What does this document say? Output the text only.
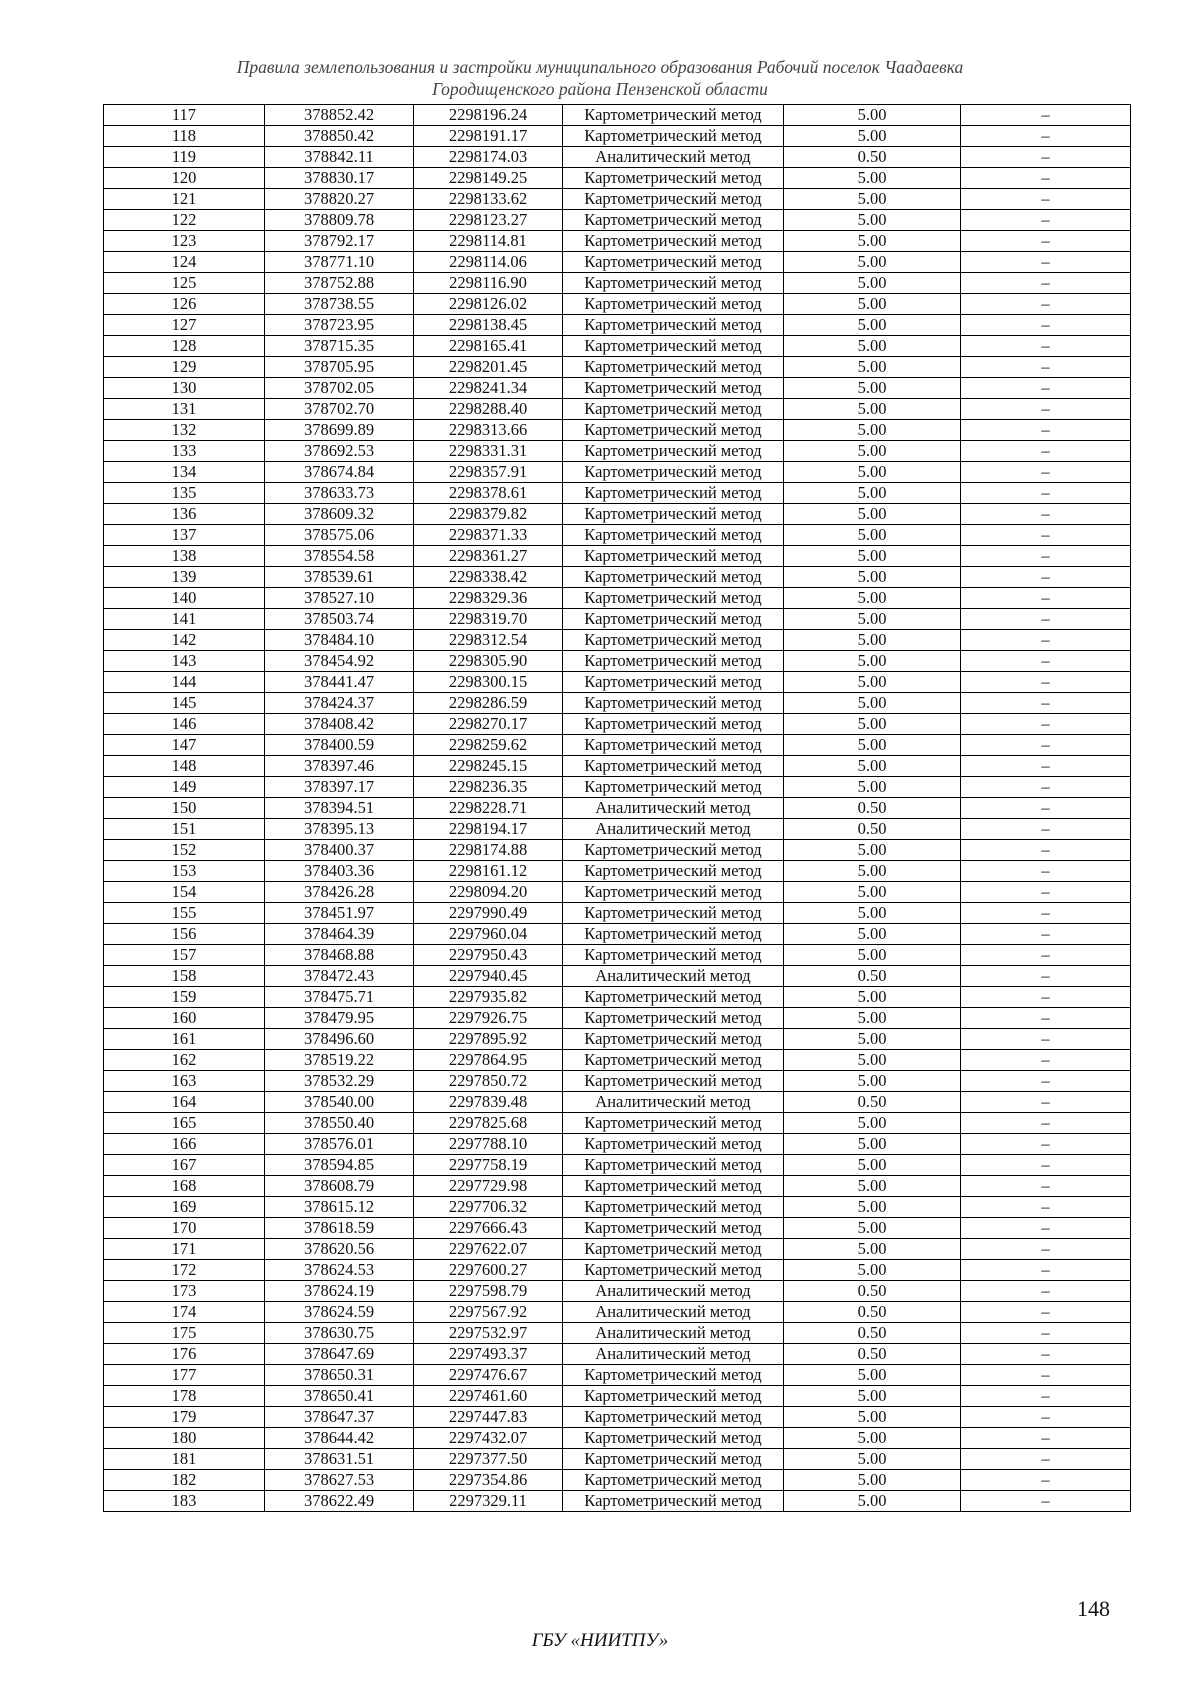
Правила землепользования и застройки муниципального образования Рабочий поселок Чаадаевка
Городищенского района Пензенской области
117	378852.42	2298196.24	Картометрический метод	5.00	–
118	378850.42	2298191.17	Картометрический метод	5.00	–
119	378842.11	2298174.03	Аналитический метод	0.50	–
120	378830.17	2298149.25	Картометрический метод	5.00	–
121	378820.27	2298133.62	Картометрический метод	5.00	–
122	378809.78	2298123.27	Картометрический метод	5.00	–
123	378792.17	2298114.81	Картометрический метод	5.00	–
124	378771.10	2298114.06	Картометрический метод	5.00	–
125	378752.88	2298116.90	Картометрический метод	5.00	–
126	378738.55	2298126.02	Картометрический метод	5.00	–
127	378723.95	2298138.45	Картометрический метод	5.00	–
128	378715.35	2298165.41	Картометрический метод	5.00	–
129	378705.95	2298201.45	Картометрический метод	5.00	–
130	378702.05	2298241.34	Картометрический метод	5.00	–
131	378702.70	2298288.40	Картометрический метод	5.00	–
132	378699.89	2298313.66	Картометрический метод	5.00	–
133	378692.53	2298331.31	Картометрический метод	5.00	–
134	378674.84	2298357.91	Картометрический метод	5.00	–
135	378633.73	2298378.61	Картометрический метод	5.00	–
136	378609.32	2298379.82	Картометрический метод	5.00	–
137	378575.06	2298371.33	Картометрический метод	5.00	–
138	378554.58	2298361.27	Картометрический метод	5.00	–
139	378539.61	2298338.42	Картометрический метод	5.00	–
140	378527.10	2298329.36	Картометрический метод	5.00	–
141	378503.74	2298319.70	Картометрический метод	5.00	–
142	378484.10	2298312.54	Картометрический метод	5.00	–
143	378454.92	2298305.90	Картометрический метод	5.00	–
144	378441.47	2298300.15	Картометрический метод	5.00	–
145	378424.37	2298286.59	Картометрический метод	5.00	–
146	378408.42	2298270.17	Картометрический метод	5.00	–
147	378400.59	2298259.62	Картометрический метод	5.00	–
148	378397.46	2298245.15	Картометрический метод	5.00	–
149	378397.17	2298236.35	Картометрический метод	5.00	–
150	378394.51	2298228.71	Аналитический метод	0.50	–
151	378395.13	2298194.17	Аналитический метод	0.50	–
152	378400.37	2298174.88	Картометрический метод	5.00	–
153	378403.36	2298161.12	Картометрический метод	5.00	–
154	378426.28	2298094.20	Картометрический метод	5.00	–
155	378451.97	2297990.49	Картометрический метод	5.00	–
156	378464.39	2297960.04	Картометрический метод	5.00	–
157	378468.88	2297950.43	Картометрический метод	5.00	–
158	378472.43	2297940.45	Аналитический метод	0.50	–
159	378475.71	2297935.82	Картометрический метод	5.00	–
160	378479.95	2297926.75	Картометрический метод	5.00	–
161	378496.60	2297895.92	Картометрический метод	5.00	–
162	378519.22	2297864.95	Картометрический метод	5.00	–
163	378532.29	2297850.72	Картометрический метод	5.00	–
164	378540.00	2297839.48	Аналитический метод	0.50	–
165	378550.40	2297825.68	Картометрический метод	5.00	–
166	378576.01	2297788.10	Картометрический метод	5.00	–
167	378594.85	2297758.19	Картометрический метод	5.00	–
168	378608.79	2297729.98	Картометрический метод	5.00	–
169	378615.12	2297706.32	Картометрический метод	5.00	–
170	378618.59	2297666.43	Картометрический метод	5.00	–
171	378620.56	2297622.07	Картометрический метод	5.00	–
172	378624.53	2297600.27	Картометрический метод	5.00	–
173	378624.19	2297598.79	Аналитический метод	0.50	–
174	378624.59	2297567.92	Аналитический метод	0.50	–
175	378630.75	2297532.97	Аналитический метод	0.50	–
176	378647.69	2297493.37	Аналитический метод	0.50	–
177	378650.31	2297476.67	Картометрический метод	5.00	–
178	378650.41	2297461.60	Картометрический метод	5.00	–
179	378647.37	2297447.83	Картометрический метод	5.00	–
180	378644.42	2297432.07	Картометрический метод	5.00	–
181	378631.51	2297377.50	Картометрический метод	5.00	–
182	378627.53	2297354.86	Картометрический метод	5.00	–
183	378622.49	2297329.11	Картометрический метод	5.00	–
148
ГБУ «НИИТПУ»
